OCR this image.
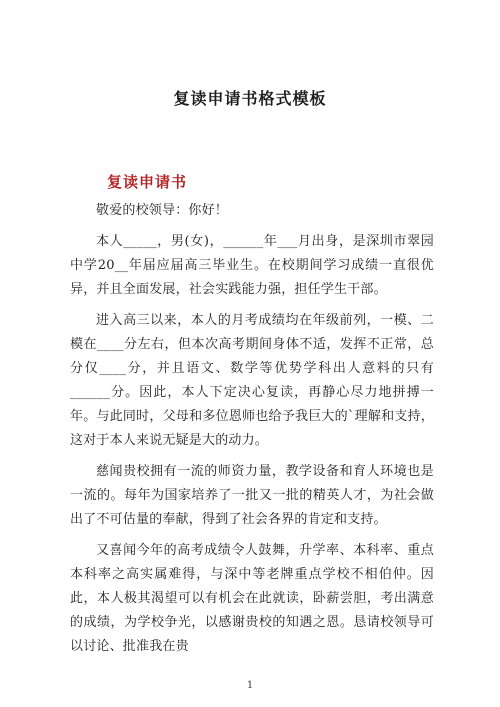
复读申请书格式模板
复读申请书

敬爱的校领导：你好！

本人_____，男(女)，______年___月出身，是深圳市翠园中学20__年届应届高三毕业生。在校期间学习成绩一直很优异，并且全面发展，社会实践能力强，担任学生干部。

进入高三以来，本人的月考成绩均在年级前列，一模、二模在____分左右，但本次高考期间身体不适，发挥不正常，总分仅____分，并且语文、数学等优势学科出人意料的只有______分。因此，本人下定决心复读，再静心尽力地拼搏一年。与此同时，父母和多位恩师也给予我巨大的`理解和支持，这对于本人来说无疑是大的动力。

慈闻贵校拥有一流的师资力量，教学设备和育人环境也是一流的。每年为国家培养了一批又一批的精英人才，为社会做出了不可估量的奉献，得到了社会各界的肯定和支持。

又喜闻今年的高考成绩令人鼓舞，升学率、本科率、重点本科率之高实属难得，与深中等老牌重点学校不相伯仲。因此，本人极其渴望可以有机会在此就读，卧薪尝胆，考出满意的成绩，为学校争光，以感谢贵校的知遇之恩。恳请校领导可以讨论、批准我在贵

1
